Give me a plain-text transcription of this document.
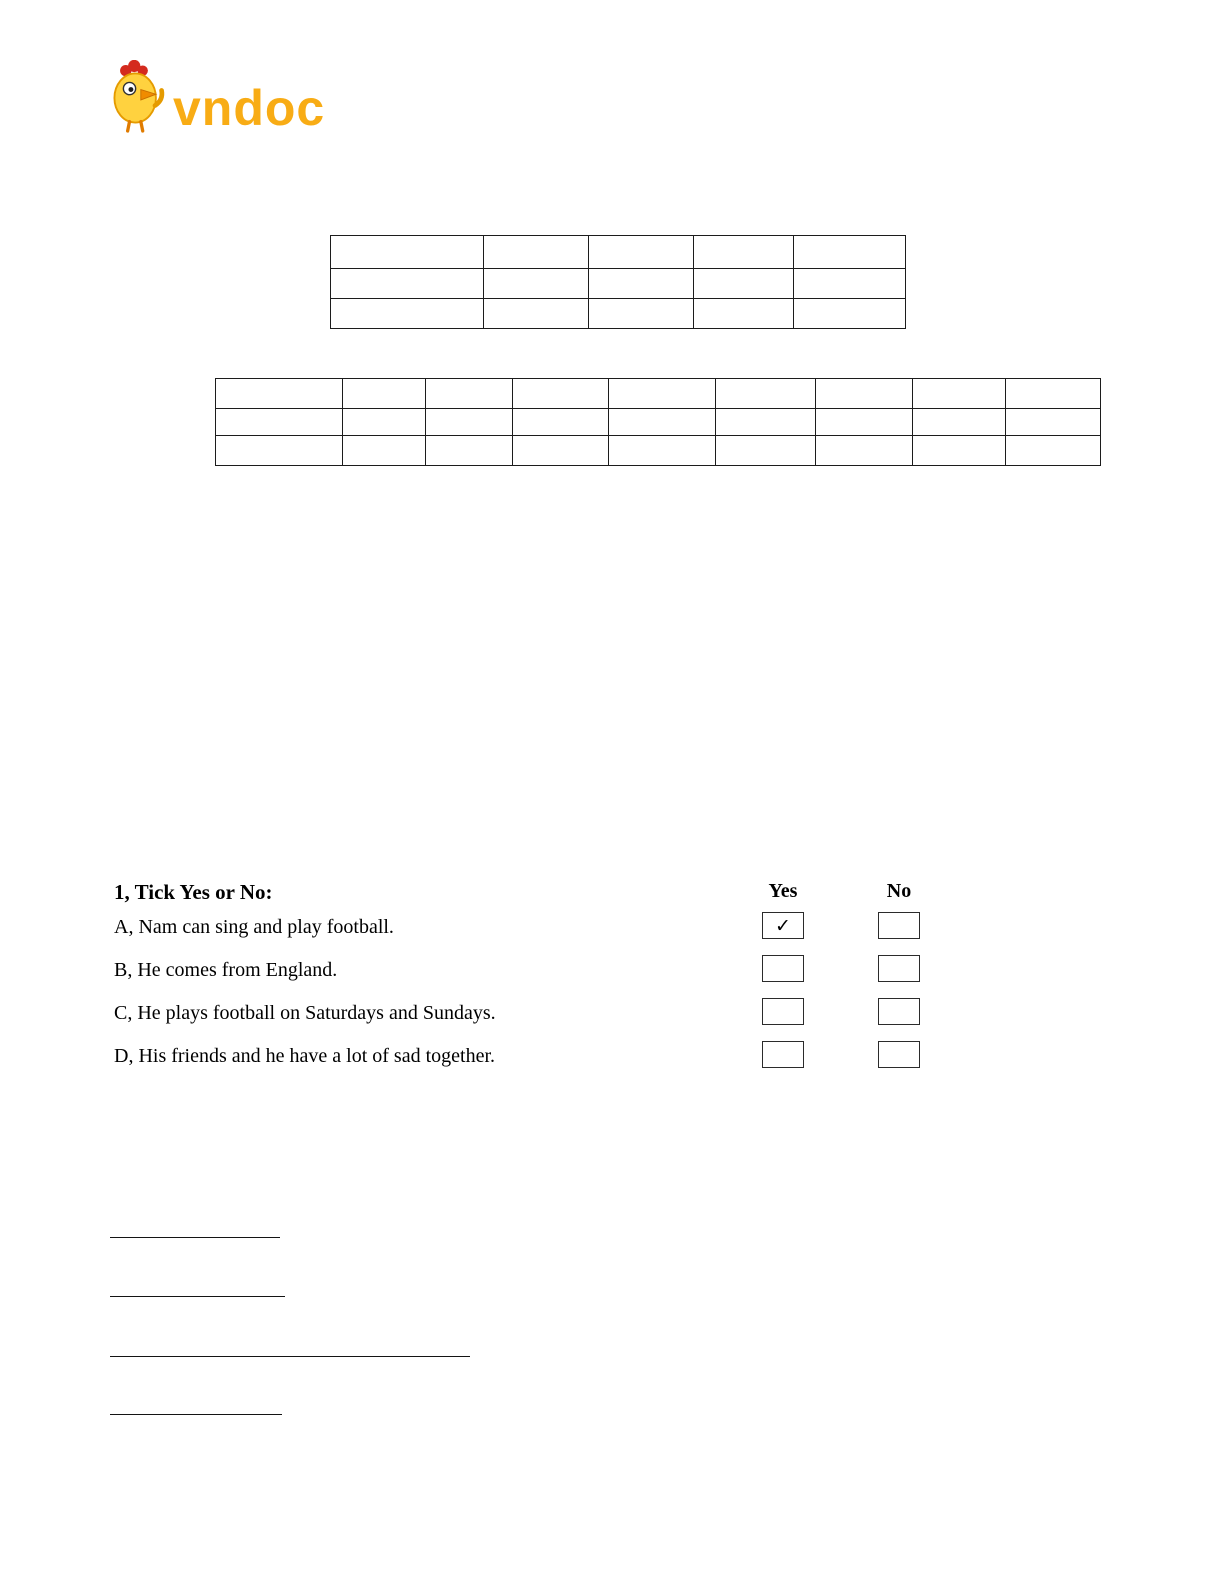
vndoc

1, Tick Yes or No:	Yes	No
A, Nam can sing and play football.	✓
B, He comes from England.
C, He plays football on Saturdays and Sundays.
D, His friends and he have a lot of sad together.
